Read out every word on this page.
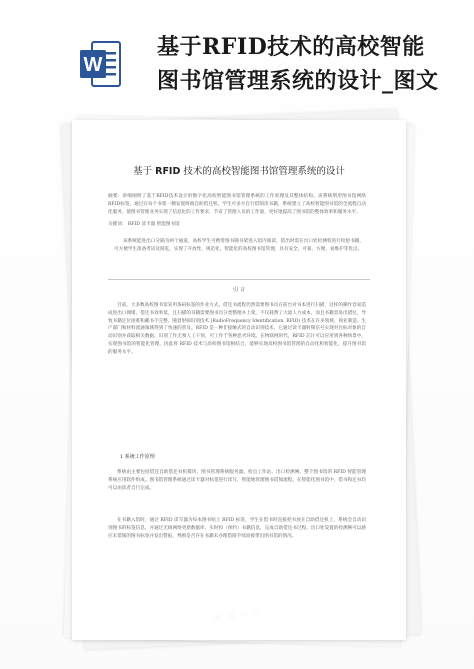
W
基于RFID技术的高校智能
图书馆管理系统的设计_图文
基于 RFID 技术的高校智能图书馆管理系统的设计

摘要：讲细阐明了基于RFID技术设计的数字化高校智能图书馆管理系统的工作原理及其整体结构。该系统利用图书馆网络RFID标签，通过在每个书架一侧安置终端自助借还机，学生可多方自行借阅读书籍，系统建立了高校智能图书馆的全流程自动化服务，使图书管理业务实现了信息化的工作要求，节省了管理人员的工作量，更好地提高了图书馆的整体效率和服务水平。

关键词： RFID 读卡器 智能图书馆

该系统能进出口分隔为两个通道，高校学生可携带图书随书架进入馆内阅读，借出时需在出口处检测机进行检验书籍，可方便学生准备考试及阅览，实现了开放性、规范化、智能化的高校图书馆管理，具有安全、可靠、方便、易维护等优点。

引 言

目前，大多数高校图书馆采用条码标签的作业方式，借还书流程仍然需要图书员在前台对书本进行扫描，这样的操作容易造成进出口拥堵，借还书效率低，且扫描的书籍需要图书员分类整理并上架，不仅耗费了大量人力成本，而且书籍容易出错位，导致书籍定位困难和藏书不完整。随着射频识别技术 (RadioFrequency Identification, RFID) 技术在许多领域，商业制造、生产部门和材料流通领域得到了快速的普及。RFID 是一种非接触式的自动识别技术，它通过读卡器射频信号实现对目标对象的自动识别并获取相关数据，识别工作无须人工干预，可工作于各种恶劣环境。在物联网时代，RFID 芯片可以应用到各种场景中，实现图书馆的智能化管理，因此将 RFID 技术与高校图书馆相结合，能够实现高校图书馆管理的自动化和智能化，提升图书馆的服务水平。

1 系统工作原理

系统由主要包括借还自助借还书机模块、图书管理系统服务器、检点工作站、出口检测闸、整个图书馆的 RFID 智能管理系统应用软件组成。图书馆管理系统通过读卡器对标签进行读写，智能地管理图书借阅流程，在智能化图书馆中，借书和还书均可以由读者自行完成。

在书籍入馆时，通过 RFID 读写器为每本图书贴上 RFID 标签，学生在借书时直接把书放在自助借还机上，系统会自动识别图书的标签信息，并通过无线网络更新数据库，实时扣（预约）书籍信息，完成自助借还书过程。出口处设置的检测闸可以感应未借阅的图书标签并发出警报，判断是否存在书籍未办理借阅手续而被带出图书馆的情况。
